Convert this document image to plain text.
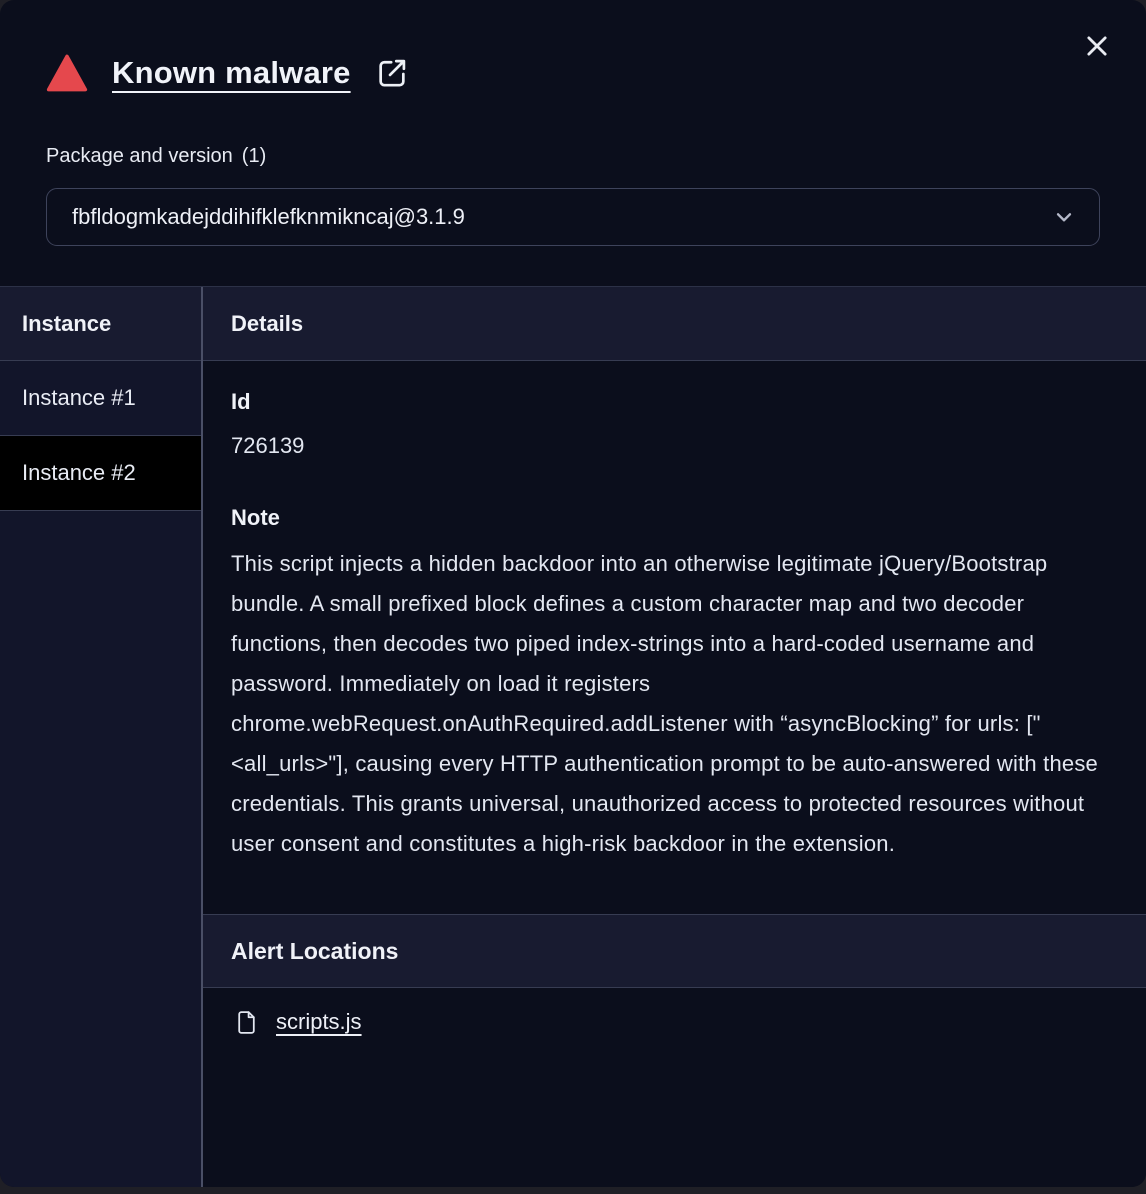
Known malware
Package and version (1)
fbfldogmkadejddihifklefknmikncaj@3.1.9
Instance
Instance #1
Instance #2
Details
Id
726139
Note
This script injects a hidden backdoor into an otherwise legitimate jQuery/Bootstrap bundle. A small prefixed block defines a custom character map and two decoder functions, then decodes two piped index-strings into a hard-coded username and password. Immediately on load it registers chrome.webRequest.onAuthRequired.addListener with “asyncBlocking” for urls: ["<all_urls>"], causing every HTTP authentication prompt to be auto-answered with these credentials. This grants universal, unauthorized access to protected resources without user consent and constitutes a high-risk backdoor in the extension.
Alert Locations
scripts.js
